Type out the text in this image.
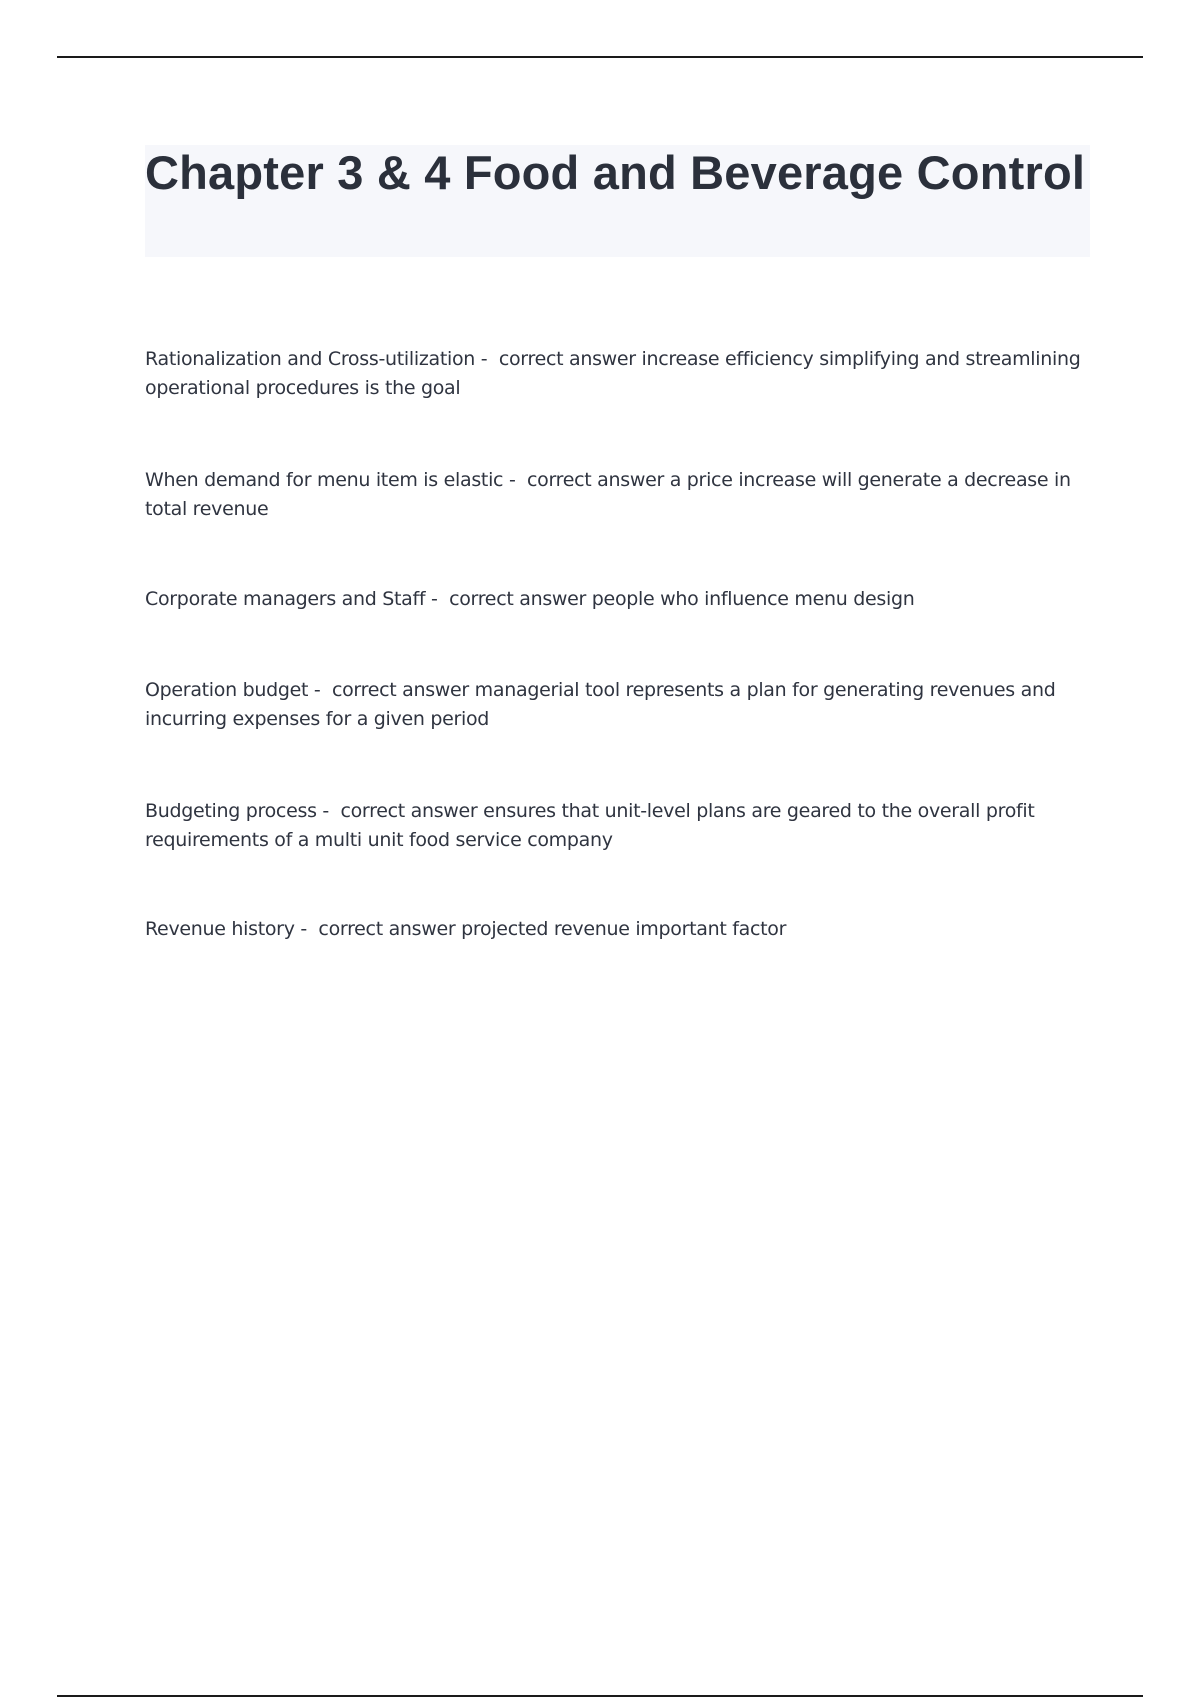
Chapter 3 & 4 Food and Beverage Control
Rationalization and Cross-utilization -  correct answer increase efficiency simplifying and streamlining operational procedures is the goal
When demand for menu item is elastic -  correct answer a price increase will generate a decrease in total revenue
Corporate managers and Staff -  correct answer people who influence menu design
Operation budget -  correct answer managerial tool represents a plan for generating revenues and incurring expenses for a given period
Budgeting process -  correct answer ensures that unit-level plans are geared to the overall profit requirements of a multi unit food service company
Revenue history -  correct answer projected revenue important factor
